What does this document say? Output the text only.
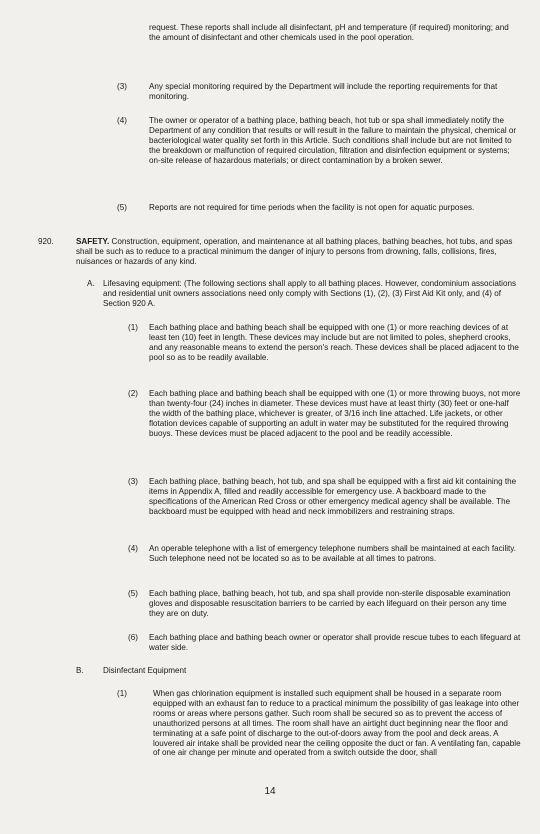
request. These reports shall include all disinfectant, pH and temperature (if required) monitoring; and the amount of disinfectant and other chemicals used in the pool operation.

(3)	Any special monitoring required by the Department will include the reporting requirements for that monitoring.

(4)	The owner or operator of a bathing place, bathing beach, hot tub or spa shall immediately notify the Department of any condition that results or will result in the failure to maintain the physical, chemical or bacteriological water quality set forth in this Article. Such conditions shall include but are not limited to the breakdown or malfunction of required circulation, filtration and disinfection equipment or systems; on-site release of hazardous materials; or direct contamination by a broken sewer.

(5)	Reports are not required for time periods when the facility is not open for aquatic purposes.

920.	SAFETY. Construction, equipment, operation, and maintenance at all bathing places, bathing beaches, hot tubs, and spas shall be such as to reduce to a practical minimum the danger of injury to persons from drowning, falls, collisions, fires, nuisances or hazards of any kind.

A. Lifesaving equipment: (The following sections shall apply to all bathing places. However, condominium associations and residential unit owners associations need only comply with Sections (1), (2), (3) First Aid Kit only, and (4) of Section 920 A.

(1) Each bathing place and bathing beach shall be equipped with one (1) or more reaching devices of at least ten (10) feet in length. These devices may include but are not limited to poles, shepherd crooks, and any reasonable means to extend the person's reach. These devices shall be placed adjacent to the pool so as to be readily available.

(2) Each bathing place and bathing beach shall be equipped with one (1) or more throwing buoys, not more than twenty-four (24) inches in diameter. These devices must have at least thirty (30) feet or one-half the width of the bathing place, whichever is greater, of 3/16 inch line attached. Life jackets, or other flotation devices capable of supporting an adult in water may be substituted for the required throwing buoys. These devices must be placed adjacent to the pool and be readily accessible.

(3) Each bathing place, bathing beach, hot tub, and spa shall be equipped with a first aid kit containing the items in Appendix A, filled and readily accessible for emergency use. A backboard made to the specifications of the American Red Cross or other emergency medical agency shall be available. The backboard must be equipped with head and neck immobilizers and restraining straps.

(4) An operable telephone with a list of emergency telephone numbers shall be maintained at each facility. Such telephone need not be located so as to be available at all times to patrons.

(5) Each bathing place, bathing beach, hot tub, and spa shall provide non-sterile disposable examination gloves and disposable resuscitation barriers to be carried by each lifeguard on their person any time they are on duty.

(6) Each bathing place and bathing beach owner or operator shall provide rescue tubes to each lifeguard at water side.

B. Disinfectant Equipment

(1)	When gas chlorination equipment is installed such equipment shall be housed in a separate room equipped with an exhaust fan to reduce to a practical minimum the possibility of gas leakage into other rooms or areas where persons gather. Such room shall be secured so as to prevent the access of unauthorized persons at all times. The room shall have an airtight duct beginning near the floor and terminating at a safe point of discharge to the out-of-doors away from the pool and deck areas. A louvered air intake shall be provided near the ceiling opposite the duct or fan. A ventilating fan, capable of one air change per minute and operated from a switch outside the door, shall

14
